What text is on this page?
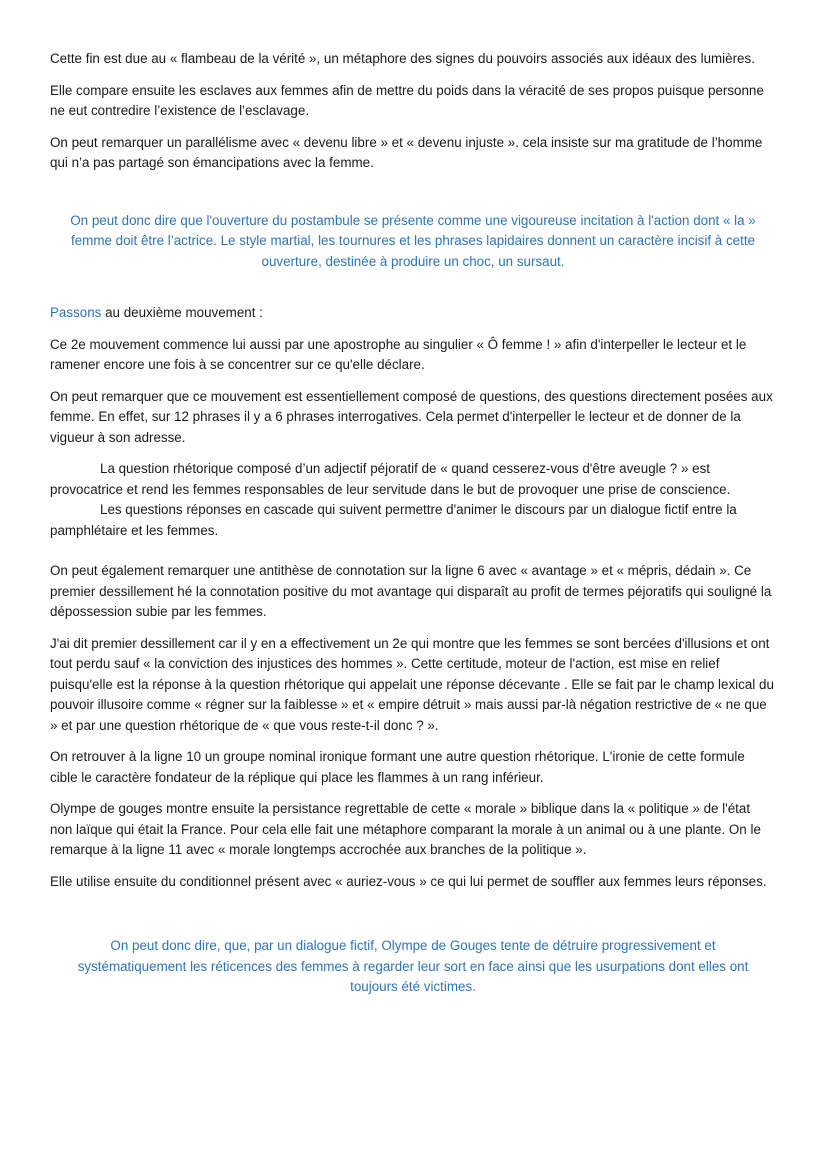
Cette fin est due au « flambeau de la vérité », un métaphore des signes du pouvoirs associés aux idéaux des lumières.

Elle compare ensuite les esclaves aux femmes afin de mettre du poids dans la véracité de ses propos puisque personne ne eut contredire l’existence de l’esclavage.

On peut remarquer un parallélisme avec « devenu libre » et « devenu injuste ». cela insiste sur ma gratitude de l’homme qui n’a pas partagé son émancipations avec la femme.

On peut donc dire que l'ouverture du postambule se présente comme une vigoureuse incitation à l'action dont « la » femme doit être l’actrice. Le style martial, les tournures et les phrases lapidaires donnent un caractère incisif à cette ouverture, destinée à produire un choc, un sursaut.

Passons au deuxième mouvement :

Ce 2e mouvement commence lui aussi par une apostrophe au singulier « Ô femme ! » afin d'interpeller le lecteur et le ramener encore une fois à se concentrer sur ce qu'elle déclare.

On peut remarquer que ce mouvement est essentiellement composé de questions, des questions directement posées aux femme. En effet, sur 12 phrases il y a 6 phrases interrogatives. Cela permet d'interpeller le lecteur et de donner de la vigueur à son adresse.

La question rhétorique composé d’un adjectif péjoratif de « quand cesserez-vous d'être aveugle ? » est provocatrice et rend les femmes responsables de leur servitude dans le but de provoquer une prise de conscience.

Les questions réponses en cascade qui suivent permettre d'animer le discours par un dialogue fictif entre la pamphlétaire et les femmes.

On peut également remarquer une antithèse de connotation sur la ligne 6 avec « avantage » et « mépris, dédain ». Ce premier dessillement hé la connotation positive du mot avantage qui disparaît au profit de termes péjoratifs qui souligné la dépossession subie par les femmes.

J'ai dit premier dessillement car il y en a effectivement un 2e qui montre que les femmes se sont bercées d'illusions et ont tout perdu sauf « la conviction des injustices des hommes ». Cette certitude, moteur de l'action, est mise en relief puisqu'elle est la réponse à la question rhétorique qui appelait une réponse décevante . Elle se fait par le champ lexical du pouvoir illusoire comme « régner sur la faiblesse » et « empire détruit » mais aussi par-là négation restrictive de « ne que » et par une question rhétorique de « que vous reste-t-il donc ? ».

On retrouver à la ligne 10 un groupe nominal ironique formant une autre question rhétorique. L'ironie de cette formule cible le caractère fondateur de la réplique qui place les flammes à un rang inférieur.

Olympe de gouges montre ensuite la persistance regrettable de cette « morale » biblique dans la « politique » de l'état non laïque qui était la France. Pour cela elle fait une métaphore comparant la morale à un animal ou à une plante. On le remarque à la ligne 11 avec « morale longtemps accrochée aux branches de la politique ».

Elle utilise ensuite du conditionnel présent avec « auriez-vous » ce qui lui permet de souffler aux femmes leurs réponses.

On peut donc dire, que, par un dialogue fictif, Olympe de Gouges tente de détruire progressivement et systématiquement les réticences des femmes à regarder leur sort en face ainsi que les usurpations dont elles ont toujours été victimes.
